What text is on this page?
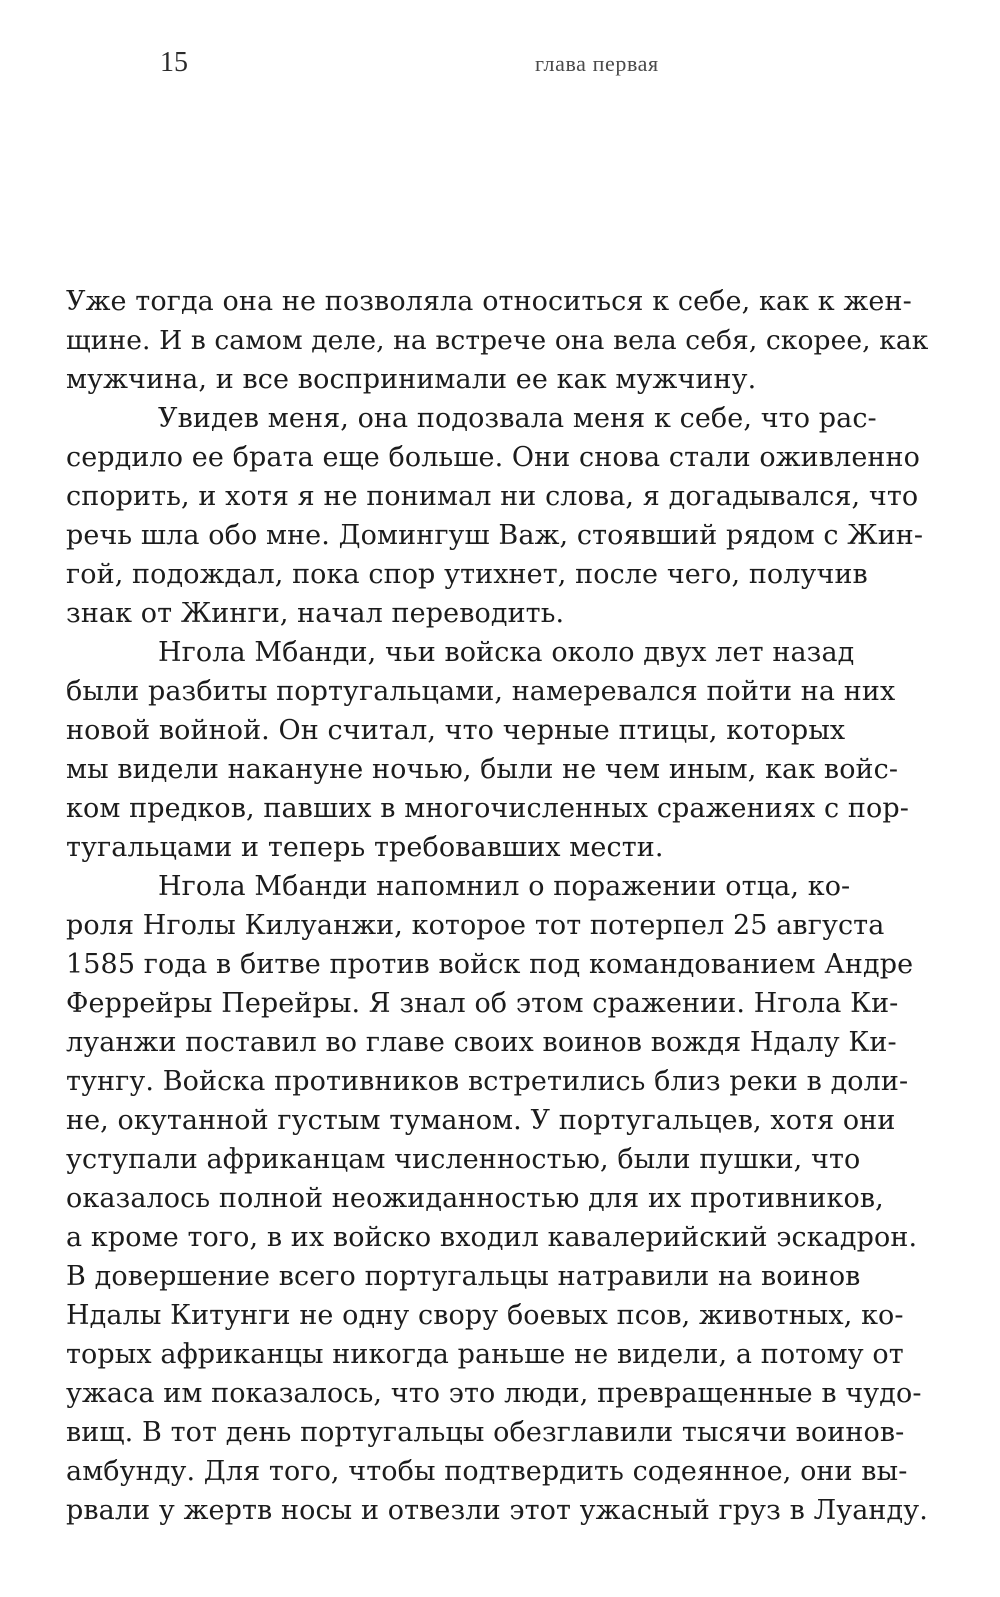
15	глава первая
Уже тогда она не позволяла относиться к себе, как к жен-
щине. И в самом деле, на встрече она вела себя, скорее, как
мужчина, и все воспринимали ее как мужчину.
Увидев меня, она подозвала меня к себе, что рас-
сердило ее брата еще больше. Они снова стали оживленно
спорить, и хотя я не понимал ни слова, я догадывался, что
речь шла обо мне. Домингуш Важ, стоявший рядом с Жин-
гой, подождал, пока спор утихнет, после чего, получив
знак от Жинги, начал переводить.
Нгола Мбанди, чьи войска около двух лет назад
были разбиты португальцами, намеревался пойти на них
новой войной. Он считал, что черные птицы, которых
мы видели накануне ночью, были не чем иным, как войс-
ком предков, павших в многочисленных сражениях с пор-
тугальцами и теперь требовавших мести.
Нгола Мбанди напомнил о поражении отца, ко-
роля Нголы Килуанжи, которое тот потерпел 25 августа
1585 года в битве против войск под командованием Андре
Феррейры Перейры. Я знал об этом сражении. Нгола Ки-
луанжи поставил во главе своих воинов вождя Ндалу Ки-
тунгу. Войска противников встретились близ реки в доли-
не, окутанной густым туманом. У португальцев, хотя они
уступали африканцам численностью, были пушки, что
оказалось полной неожиданностью для их противников,
а кроме того, в их войско входил кавалерийский эскадрон.
В довершение всего португальцы натравили на воинов
Ндалы Китунги не одну свору боевых псов, животных, ко-
торых африканцы никогда раньше не видели, а потому от
ужаса им показалось, что это люди, превращенные в чудо-
вищ. В тот день португальцы обезглавили тысячи воинов-
амбунду. Для того, чтобы подтвердить содеянное, они вы-
рвали у жертв носы и отвезли этот ужасный груз в Луанду.
